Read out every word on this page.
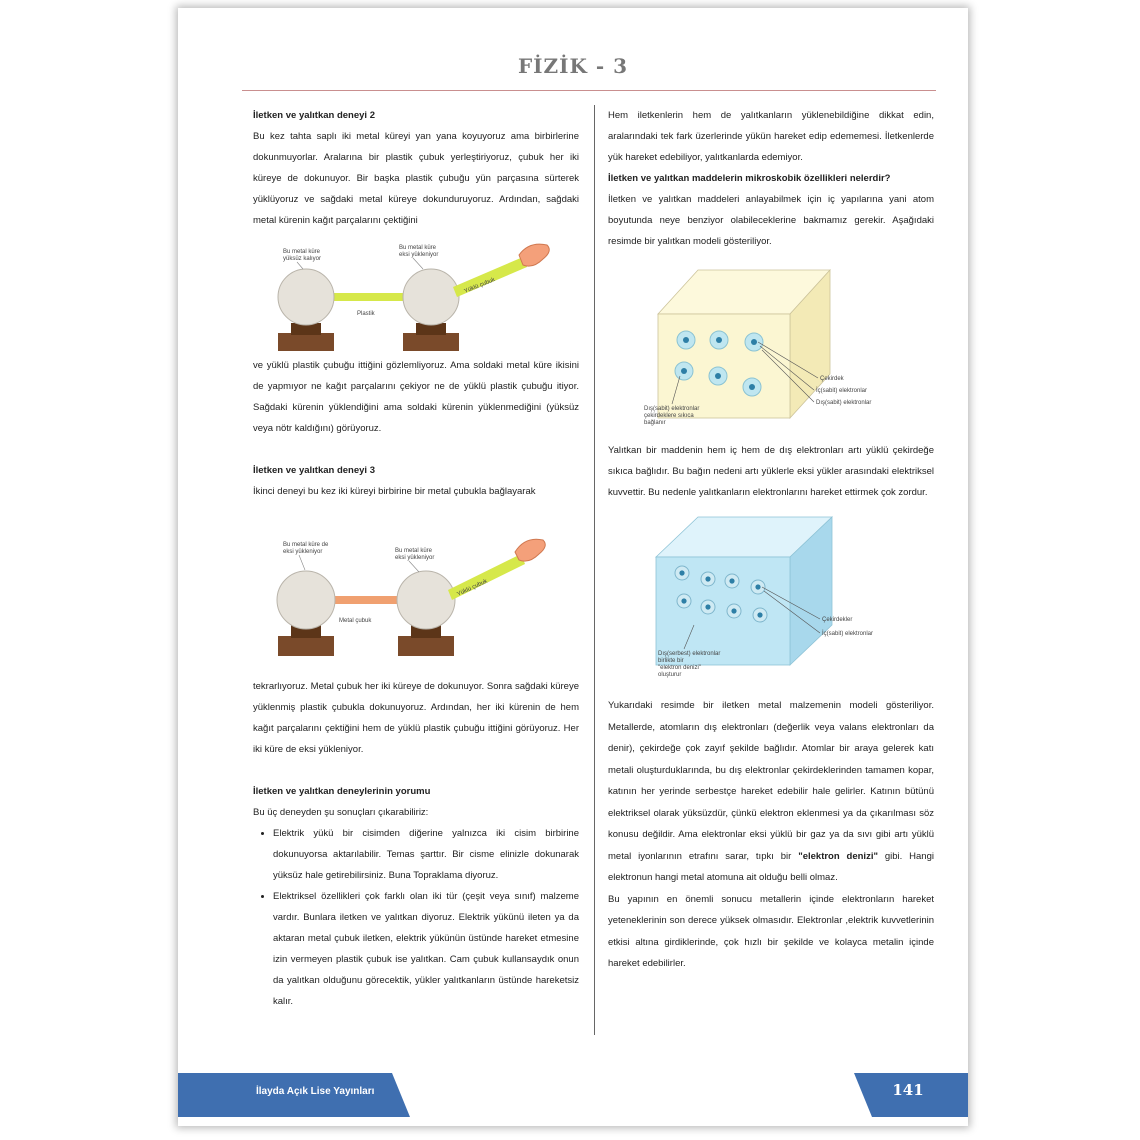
FİZİK - 3

İletken ve yalıtkan deneyi 2

Bu kez tahta saplı iki metal küreyi yan yana koyuyoruz ama birbirlerine dokunmuyorlar. Aralarına bir plastik çubuk yerleştiriyoruz, çubuk her iki küreye de dokunuyor. Bir başka plastik çubuğu yün parçasına sürterek yüklüyoruz ve sağdaki metal küreye dokunduruyoruz. Ardından, sağdaki metal kürenin kağıt parçalarını çektiğini

Bu metal küre
yüksüz kalıyor
Bu metal küre
eksi yükleniyor
Plastik
Yüklü çubuk

ve yüklü plastik çubuğu ittiğini gözlemliyoruz. Ama soldaki metal küre ikisini de yapmıyor ne kağıt parçalarını çekiyor ne de yüklü plastik çubuğu itiyor. Sağdaki kürenin yüklendiğini ama soldaki kürenin yüklenmediğini (yüksüz veya nötr kaldığını) görüyoruz.

İletken ve yalıtkan deneyi 3

İkinci deneyi bu kez iki küreyi birbirine bir metal çubukla bağlayarak

Bu metal küre de
eksi yükleniyor	Bu metal küre
eksi yükleniyor
Metal çubuk
Yüklü çubuk

tekrarlıyoruz. Metal çubuk her iki küreye de dokunuyor. Sonra sağdaki küreye yüklenmiş plastik çubukla dokunuyoruz. Ardından, her iki kürenin de hem kağıt parçalarını çektiğini hem de yüklü plastik çubuğu ittiğini görüyoruz. Her iki küre de eksi yükleniyor.

İletken ve yalıtkan deneylerinin yorumu

Bu üç deneyden şu sonuçları çıkarabiliriz:

• Elektrik yükü bir cisimden diğerine yalnızca iki cisim birbirine dokunuyorsa aktarılabilir. Temas şarttır. Bir cisme elinizle dokunarak yüksüz hale getirebilirsiniz. Buna Topraklama diyoruz.
• Elektriksel özellikleri çok farklı olan iki tür (çeşit veya sınıf) malzeme vardır. Bunlara iletken ve yalıtkan diyoruz. Elektrik yükünü ileten ya da aktaran metal çubuk iletken, elektrik yükünün üstünde hareket etmesine izin vermeyen plastik çubuk ise yalıtkan. Cam çubuk kullansaydık onun da yalıtkan olduğunu görecektik, yükler yalıtkanların üstünde hareketsiz kalır.

Hem iletkenlerin hem de yalıtkanların yüklenebildiğine dikkat edin, aralarındaki tek fark üzerlerinde yükün hareket edip edememesi. İletkenlerde yük hareket edebiliyor, yalıtkanlarda edemiyor.

İletken ve yalıtkan maddelerin mikroskobik özellikleri nelerdir?

İletken ve yalıtkan maddeleri anlayabilmek için iç yapılarına yani atom boyutunda neye benziyor olabileceklerine bakmamız gerekir. Aşağıdaki resimde bir yalıtkan modeli gösteriliyor.

Çekirdek
İç(sabit) elektronlar
Dış(sabit) elektronlar
Dış(sabit) elektronlar
çekirdeklere sıkıca
bağlanır

Yalıtkan bir maddenin hem iç hem de dış elektronları artı yüklü çekirdeğe sıkıca bağlıdır. Bu bağın nedeni artı yüklerle eksi yükler arasındaki elektriksel kuvvettir. Bu nedenle yalıtkanların elektronlarını hareket ettirmek çok zordur.

Çekirdekler
İç(sabit) elektronlar
Dış(serbest) elektronlar
birlikte bir
"elektron denizi"
oluşturur

Yukarıdaki resimde bir iletken metal malzemenin modeli gösteriliyor. Metallerde, atomların dış elektronları (değerlik veya valans elektronları da denir), çekirdeğe çok zayıf şekilde bağlıdır. Atomlar bir araya gelerek katı metali oluşturduklarında, bu dış elektronlar çekirdeklerinden tamamen kopar, katının her yerinde serbestçe hareket edebilir hale gelirler. Katının bütünü elektriksel olarak yüksüzdür, çünkü elektron eklenmesi ya da çıkarılması söz konusu değildir. Ama elektronlar eksi yüklü bir gaz ya da sıvı gibi artı yüklü metal iyonlarının etrafını sarar, tıpkı bir "elektron denizi" gibi. Hangi elektronun hangi metal atomuna ait olduğu belli olmaz.

Bu yapının en önemli sonucu metallerin içinde elektronların hareket yeteneklerinin son derece yüksek olmasıdır. Elektronlar ,elektrik kuvvetlerinin etkisi altına girdiklerinde, çok hızlı bir şekilde ve kolayca metalin içinde hareket edebilirler.

İlayda Açık Lise Yayınları	141
